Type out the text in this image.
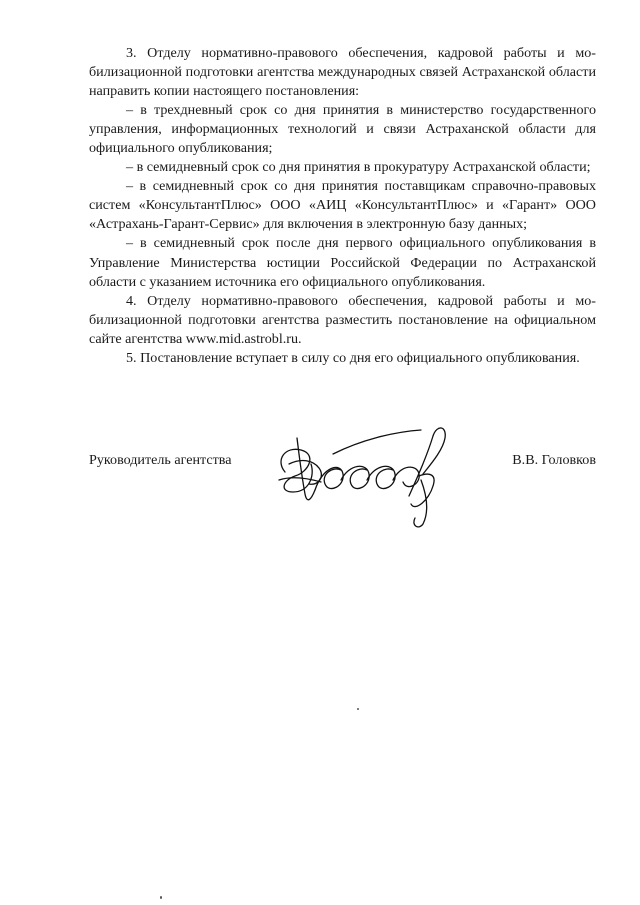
3. Отделу нормативно-правового обеспечения, кадровой работы и мобилизационной подготовки агентства международных связей Астраханской области направить копии настоящего постановления:

– в трехдневный срок со дня принятия в министерство государственного управления, информационных технологий и связи Астраханской области для официального опубликования;

– в семидневный срок со дня принятия в прокуратуру Астраханской области;

– в семидневный срок со дня принятия поставщикам справочно-правовых систем «КонсультантПлюс» ООО «АИЦ «КонсультантПлюс» и «Гарант» ООО «Астрахань-Гарант-Сервис» для включения в электронную базу данных;

– в семидневный срок после дня первого официального опубликования в Управление Министерства юстиции Российской Федерации по Астраханской области с указанием источника его официального опубликования.

4. Отделу нормативно-правового обеспечения, кадровой работы и мобилизационной подготовки агентства разместить постановление на официальном сайте агентства www.mid.astrobl.ru.

5. Постановление вступает в силу со дня его официального опубликования.

Руководитель агентства	В.В. Головков
